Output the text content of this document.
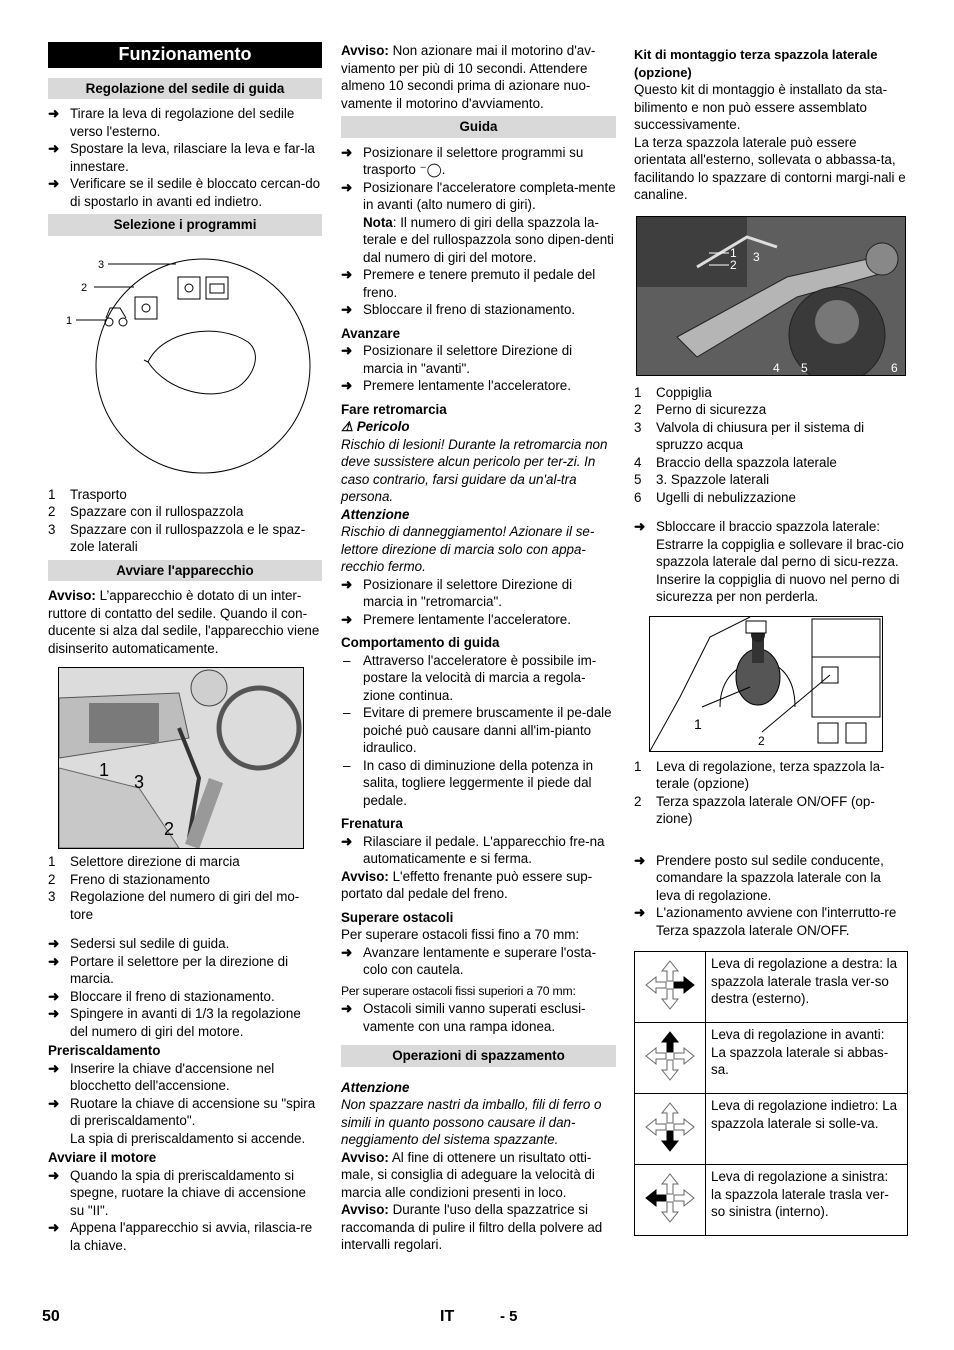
Funzionamento
Regolazione del sedile di guida
➜ Tirare la leva di regolazione del sedile verso l'esterno.
➜ Spostare la leva, rilasciare la leva e far-la innestare.
➜ Verificare se il sedile è bloccato cercan-do di spostarlo in avanti ed indietro.
Selezione i programmi
3
2
1
1 Trasporto
2 Spazzare con il rullospazzola
3 Spazzare con il rullospazzola e le spaz-zole laterali
Avviare l'apparecchio

Avviso: L’apparecchio è dotato di un inter-ruttore di contatto del sedile. Quando il con-ducente si alza dal sedile, l'apparecchio viene disinserito automaticamente.

1
3
2
1 Selettore direzione di marcia
2 Freno di stazionamento
3 Regolazione del numero di giri del mo-tore
➜ Sedersi sul sedile di guida.
➜ Portare il selettore per la direzione di marcia.
➜ Bloccare il freno di stazionamento.
➜ Spingere in avanti di 1/3 la regolazione del numero di giri del motore.
Preriscaldamento
➜ Inserire la chiave d'accensione nel blocchetto dell'accensione.
➜ Ruotare la chiave di accensione su "spira di preriscaldamento".

La spia di preriscaldamento si accende.

Avviare il motore
➜ Quando la spia di preriscaldamento si spegne, ruotare la chiave di accensione su "II".
➜ Appena l'apparecchio si avvia, rilascia-re la chiave.

Avviso: Non azionare mai il motorino d'av-viamento per più di 10 secondi. Attendere almeno 10 secondi prima di azionare nuo-vamente il motorino d'avviamento.

Guida
➜ Posizionare il selettore programmi su trasporto ⁻◯.
➜ Posizionare l'acceleratore completa-mente in avanti (alto numero di giri).

Nota: Il numero di giri della spazzola la-terale e del rullospazzola sono dipen-denti dal numero di giri del motore.

➜ Premere e tenere premuto il pedale del freno.
➜ Sbloccare il freno di stazionamento.
Avanzare
➜ Posizionare il selettore Direzione di marcia in "avanti".
➜ Premere lentamente l'acceleratore.
Fare retromarcia

⚠ Pericolo

Rischio di lesioni! Durante la retromarcia non deve sussistere alcun pericolo per ter-zi. In caso contrario, farsi guidare da un'al-tra persona.

Attenzione

Rischio di danneggiamento! Azionare il se-lettore direzione di marcia solo con appa-recchio fermo.

➜ Posizionare il selettore Direzione di marcia in "retromarcia".
➜ Premere lentamente l'acceleratore.
Comportamento di guida
– Attraverso l'acceleratore è possibile im-postare la velocità di marcia a regola-zione continua.
– Evitare di premere bruscamente il pe-dale poiché può causare danni all'im-pianto idraulico.
– In caso di diminuzione della potenza in salita, togliere leggermente il piede dal pedale.
Frenatura
➜ Rilasciare il pedale. L'apparecchio fre-na automaticamente e si ferma.

Avviso: L'effetto frenante può essere sup-portato dal pedale del freno.

Superare ostacoli

Per superare ostacoli fissi fino a 70 mm:

➜ Avanzare lentamente e superare l'osta-colo con cautela.

Per superare ostacoli fissi superiori a 70 mm:

➜ Ostacoli simili vanno superati esclusi-vamente con una rampa idonea.
Operazioni di spazzamento

Attenzione

Non spazzare nastri da imballo, fili di ferro o simili in quanto possono causare il dan-neggiamento del sistema spazzante.

Avviso: Al fine di ottenere un risultato otti-male, si consiglia di adeguare la velocità di marcia alle condizioni presenti in loco.

Avviso: Durante l'uso della spazzatrice si raccomanda di pulire il filtro della polvere ad intervalli regolari.

Kit di montaggio terza spazzola laterale (opzione)

Questo kit di montaggio è installato da sta-bilimento e non può essere assemblato successivamente.

La terza spazzola laterale può essere orientata all'esterno, sollevata o abbassa-ta, facilitando lo spazzare di contorni margi-nali e canaline.

1
2
3
4 5	6
1 Coppiglia
2 Perno di sicurezza
3 Valvola di chiusura per il sistema di spruzzo acqua
4 Braccio della spazzola laterale
5 3. Spazzole laterali
6 Ugelli di nebulizzazione
➜ Sbloccare il braccio spazzola laterale: Estrarre la coppiglia e sollevare il brac-cio spazzola laterale dal perno di sicu-rezza.

Inserire la coppiglia di nuovo nel perno di sicurezza per non perderla.

1
2
1 Leva di regolazione, terza spazzola la-terale (opzione)
2 Terza spazzola laterale ON/OFF (op-zione)
➜ Prendere posto sul sedile conducente, comandare la spazzola laterale con la leva di regolazione.
➜ L'azionamento avviene con l'interrutto-re Terza spazzola laterale ON/OFF.
	Leva di regolazione a destra: la spazzola laterale trasla ver-so destra (esterno).
	Leva di regolazione in avanti: La spazzola laterale si abbas-sa.
	Leva di regolazione indietro: La spazzola laterale si solle-va.
	Leva di regolazione a sinistra: la spazzola laterale trasla ver-so sinistra (interno).
50	IT	- 5
